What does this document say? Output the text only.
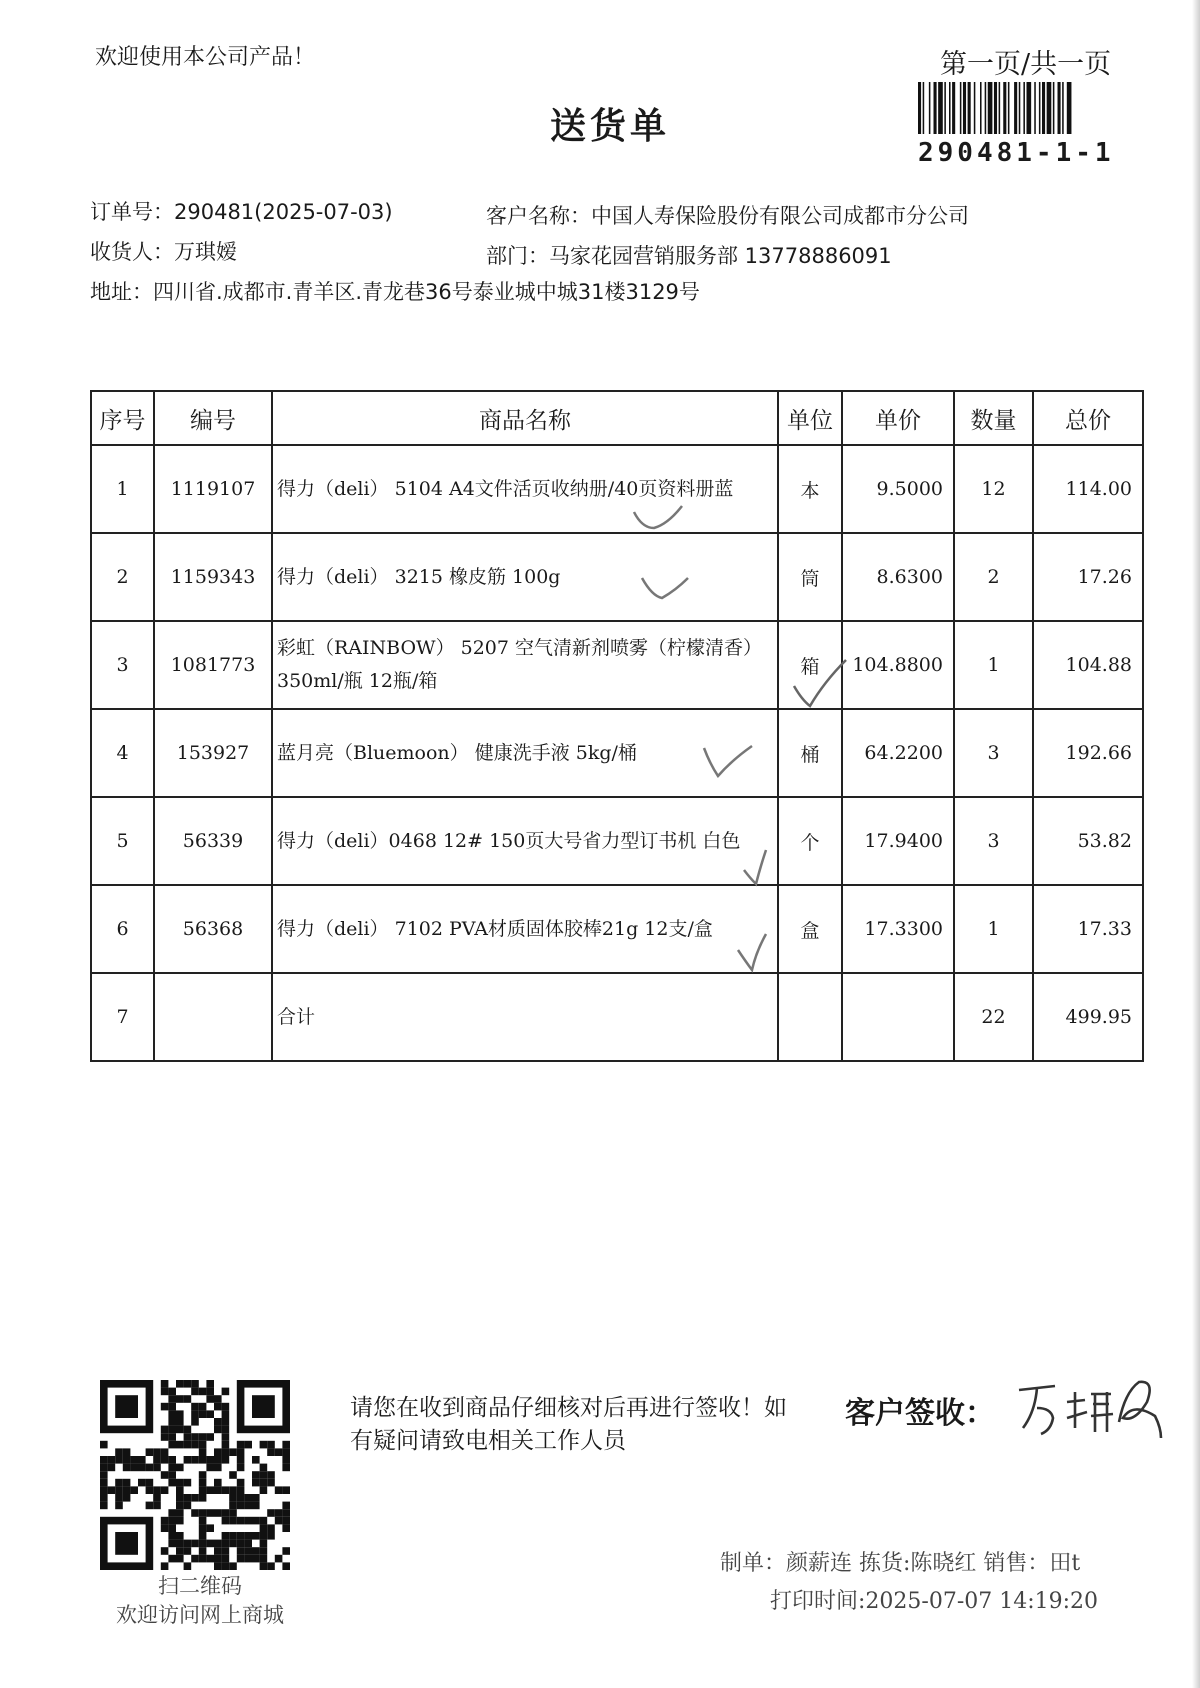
欢迎使用本公司产品！
送货单
第一页/共一页
290481-1-1
订单号：290481(2025-07-03)
收货人：万琪嫒
地址：四川省.成都市.青羊区.青龙巷36号泰业城中城31楼3129号
客户名称：中国人寿保险股份有限公司成都市分公司
部门：马家花园营销服务部 13778886091
序号	编号	商品名称	单位	单价	数量	总价
1	1119107	得力（deli） 5104 A4文件活页收纳册/40页资料册蓝	本	9.5000	12	114.00
2	1159343	得力（deli） 3215 橡皮筋 100g	筒	8.6300	2	17.26
3	1081773	彩虹（RAINBOW） 5207 空气清新剂喷雾（柠檬清香）350ml/瓶 12瓶/箱	箱	104.8800	1	104.88
4	153927	蓝月亮（Bluemoon） 健康洗手液 5kg/桶	桶	64.2200	3	192.66
5	56339	得力（deli）0468 12# 150页大号省力型订书机 白色	个	17.9400	3	53.82
6	56368	得力（deli） 7102 PVA材质固体胶棒21g 12支/盒	盒	17.3300	1	17.33
7		合计			22	499.95
扫二维码
欢迎访问网上商城
请您在收到商品仔细核对后再进行签收！如有疑问请致电相关工作人员
客户签收：
制单：颜薪连 拣货:陈晓红 销售：田t
打印时间:2025-07-07 14:19:20
